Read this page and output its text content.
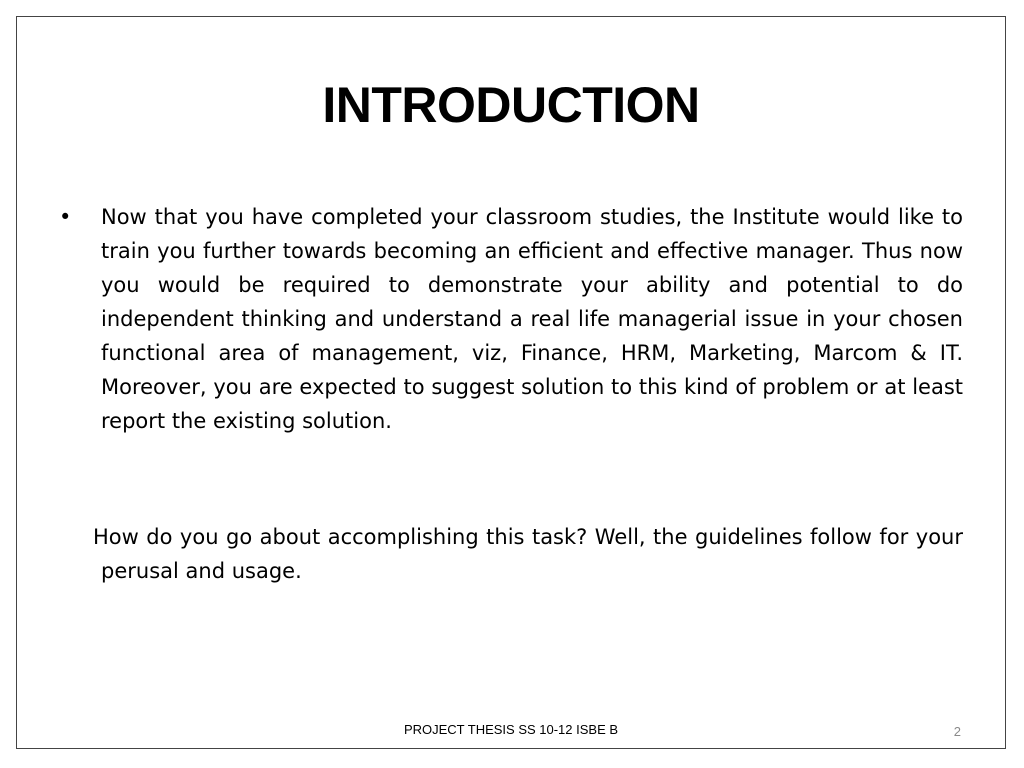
INTRODUCTION
• Now that you have completed your classroom studies, the Institute would like to train you further towards becoming an efficient and effective manager. Thus now you would be required to demonstrate your ability and potential to do independent thinking and understand a real life managerial issue in your chosen functional area of management, viz, Finance, HRM, Marketing, Marcom & IT. Moreover, you are expected to suggest solution to this kind of problem or at least report the existing solution.
How do you go about accomplishing this task? Well, the guidelines follow for your perusal and usage.
PROJECT THESIS SS 10-12 ISBE B	2
